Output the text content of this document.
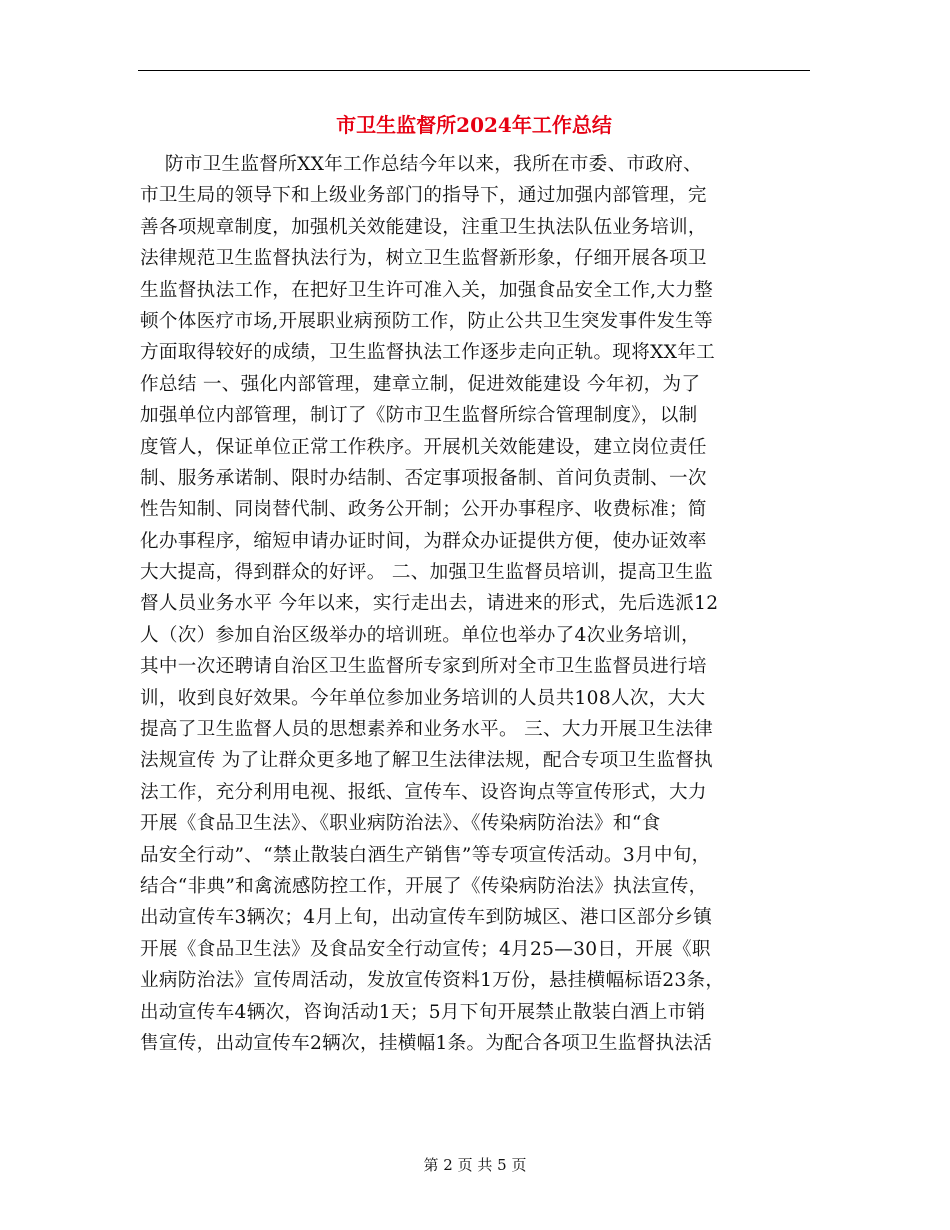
市卫生监督所2024年工作总结
防市卫生监督所XX年工作总结今年以来，我所在市委、市政府、
市卫生局的领导下和上级业务部门的指导下，通过加强内部管理，完
善各项规章制度，加强机关效能建设，注重卫生执法队伍业务培训，
法律规范卫生监督执法行为，树立卫生监督新形象，仔细开展各项卫
生监督执法工作，在把好卫生许可准入关，加强食品安全工作,大力整
顿个体医疗市场,开展职业病预防工作，防止公共卫生突发事件发生等
方面取得较好的成绩，卫生监督执法工作逐步走向正轨。现将XX年工
作总结 一、强化内部管理，建章立制，促进效能建设 今年初，为了
加强单位内部管理，制订了《防市卫生监督所综合管理制度》，以制
度管人，保证单位正常工作秩序。开展机关效能建设，建立岗位责任
制、服务承诺制、限时办结制、否定事项报备制、首问负责制、一次
性告知制、同岗替代制、政务公开制；公开办事程序、收费标准；简
化办事程序，缩短申请办证时间，为群众办证提供方便，使办证效率
大大提高，得到群众的好评。 二、加强卫生监督员培训，提高卫生监
督人员业务水平 今年以来，实行走出去，请进来的形式，先后选派12
人（次）参加自治区级举办的培训班。单位也举办了4次业务培训，
其中一次还聘请自治区卫生监督所专家到所对全市卫生监督员进行培
训，收到良好效果。今年单位参加业务培训的人员共108人次，大大
提高了卫生监督人员的思想素养和业务水平。 三、大力开展卫生法律
法规宣传 为了让群众更多地了解卫生法律法规，配合专项卫生监督执
法工作，充分利用电视、报纸、宣传车、设咨询点等宣传形式，大力
开展《食品卫生法》、《职业病防治法》、《传染病防治法》和“食
品安全行动”、“禁止散装白酒生产销售”等专项宣传活动。3月中旬，
结合“非典”和禽流感防控工作，开展了《传染病防治法》执法宣传，
出动宣传车3辆次；4月上旬，出动宣传车到防城区、港口区部分乡镇
开展《食品卫生法》及食品安全行动宣传；4月25—30日，开展《职
业病防治法》宣传周活动，发放宣传资料1万份，悬挂横幅标语23条，
出动宣传车4辆次，咨询活动1天；5月下旬开展禁止散装白酒上市销
售宣传，出动宣传车2辆次，挂横幅1条。为配合各项卫生监督执法活
第 2 页 共 5 页
